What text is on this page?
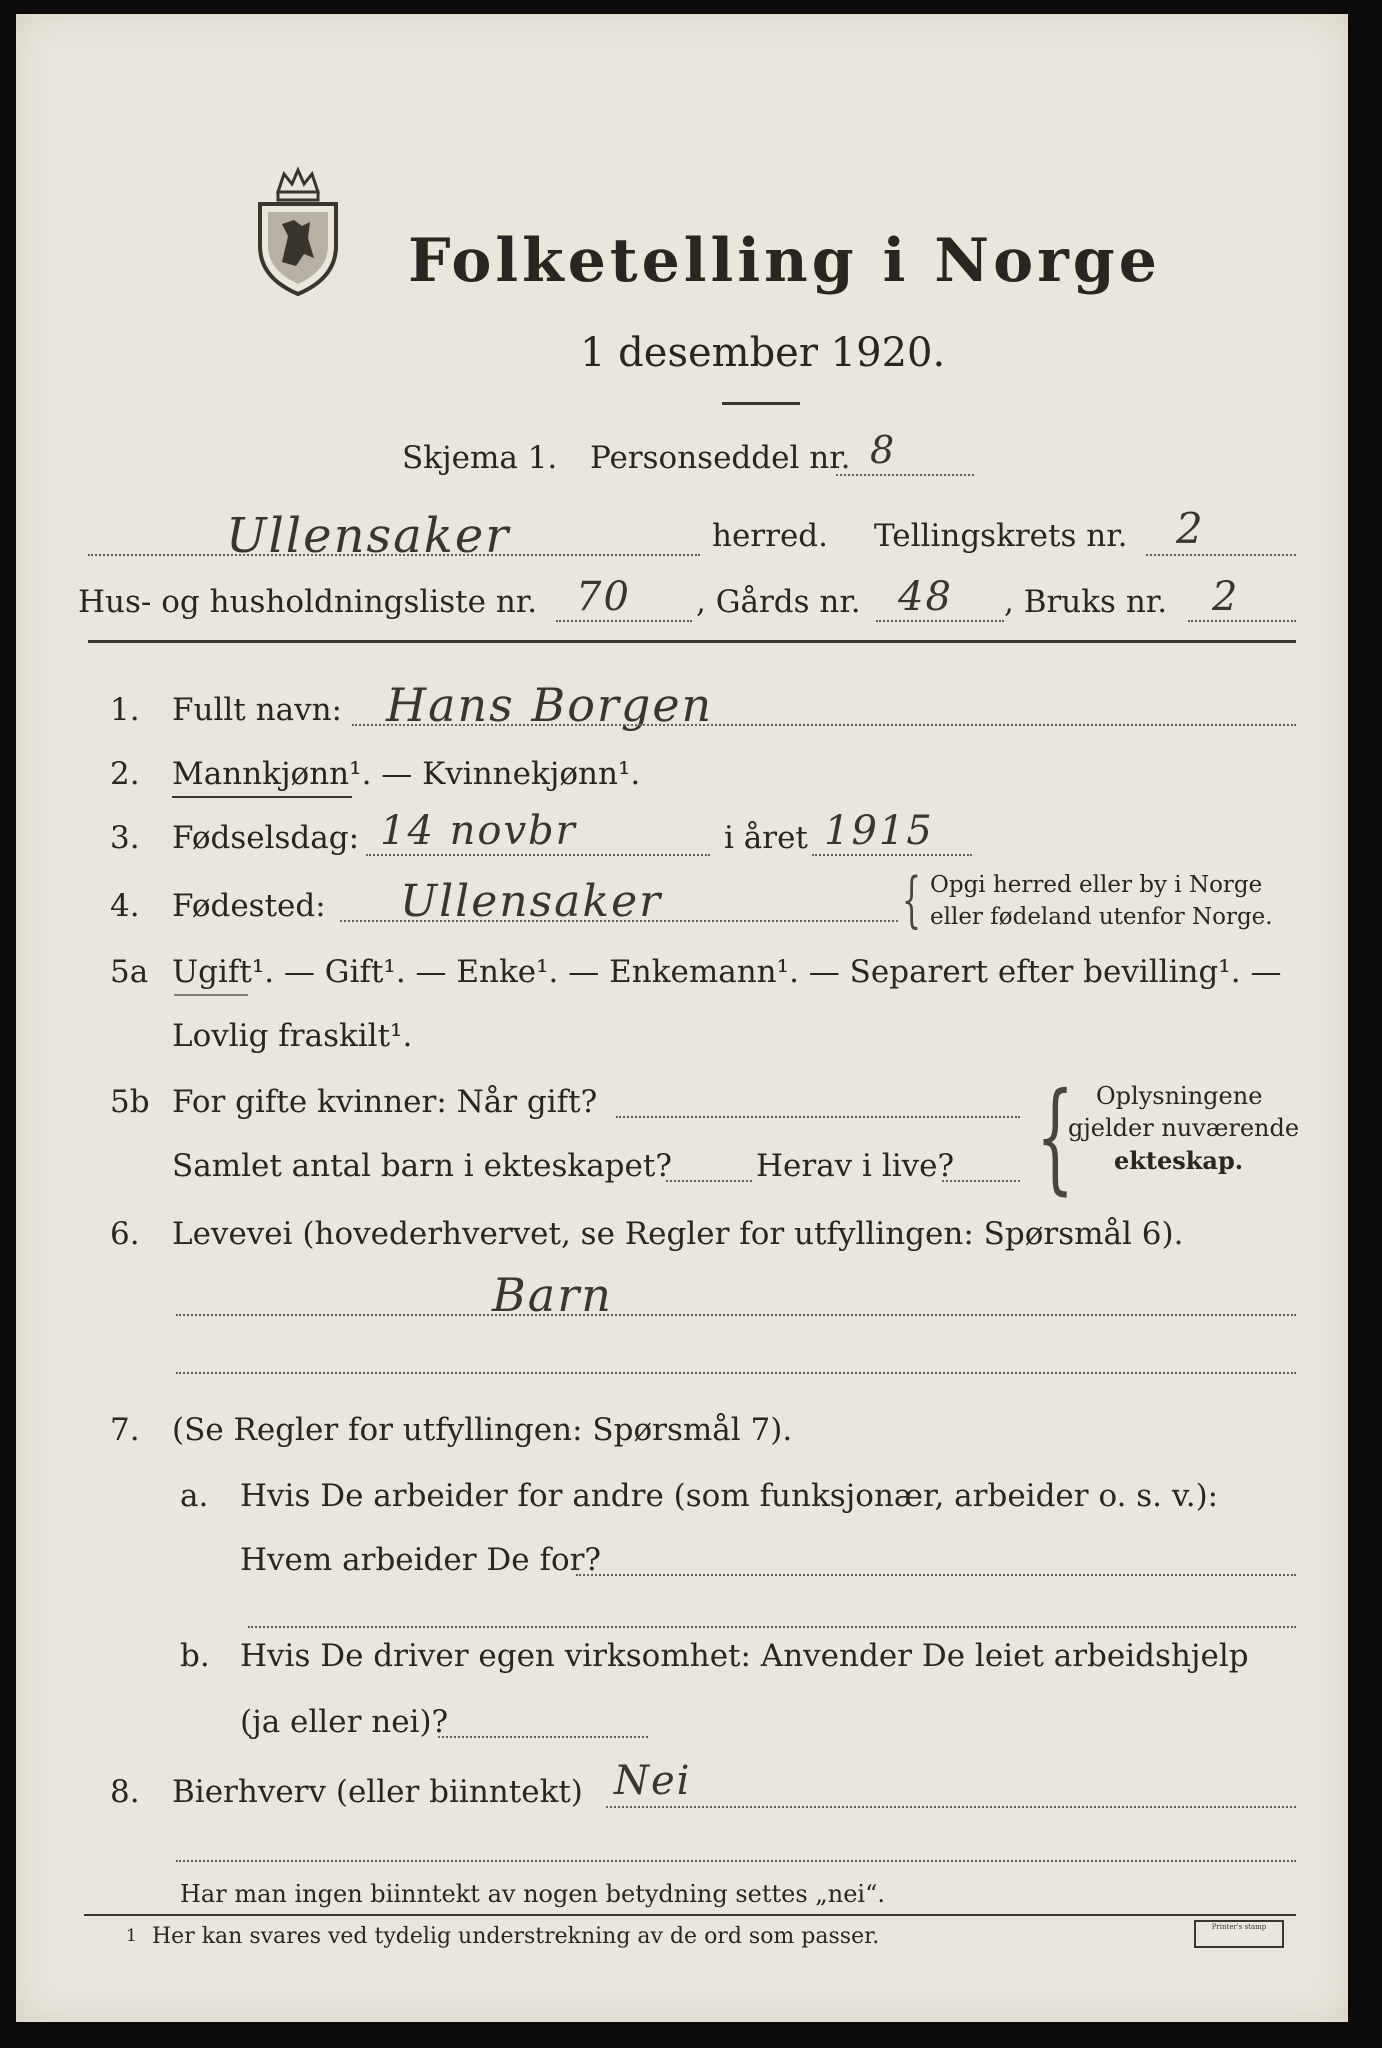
Folketelling i Norge
1 desember 1920.
Skjema 1. Personseddel nr. 8
Ullensaker	herred. Tellingskrets nr. 2
Hus- og husholdningsliste nr. 70 , Gårds nr. 48 , Bruks nr. 2
1. Fullt navn: Hans Borgen
2. Mannkjønn¹. — Kvinnekjønn¹.
3. Fødselsdag: 14 novbr	i året 1915
4. Fødested: Ullensaker	{ Opgi herred eller by i Norge
eller fødeland utenfor Norge.
5a Ugift¹. — Gift¹. — Enke¹. — Enkemann¹. — Separert efter bevilling¹. —
Lovlig fraskilt¹.
5b For gifte kvinner: Når gift?
Samlet antal barn i ekteskapet?	Herav i live? { Oplysningene
gjelder nuværende
ekteskap.
6. Levevei (hovederhvervet, se Regler for utfyllingen: Spørsmål 6).
Barn
7. (Se Regler for utfyllingen: Spørsmål 7).
a. Hvis De arbeider for andre (som funksjonær, arbeider o. s. v.):
Hvem arbeider De for?
b. Hvis De driver egen virksomhet: Anvender De leiet arbeidshjelp
(ja eller nei)?
8. Bierhverv (eller biinntekt) Nei
Har man ingen biinntekt av nogen betydning settes „nei“.
1 Her kan svares ved tydelig understrekning av de ord som passer.	Printer's stamp
